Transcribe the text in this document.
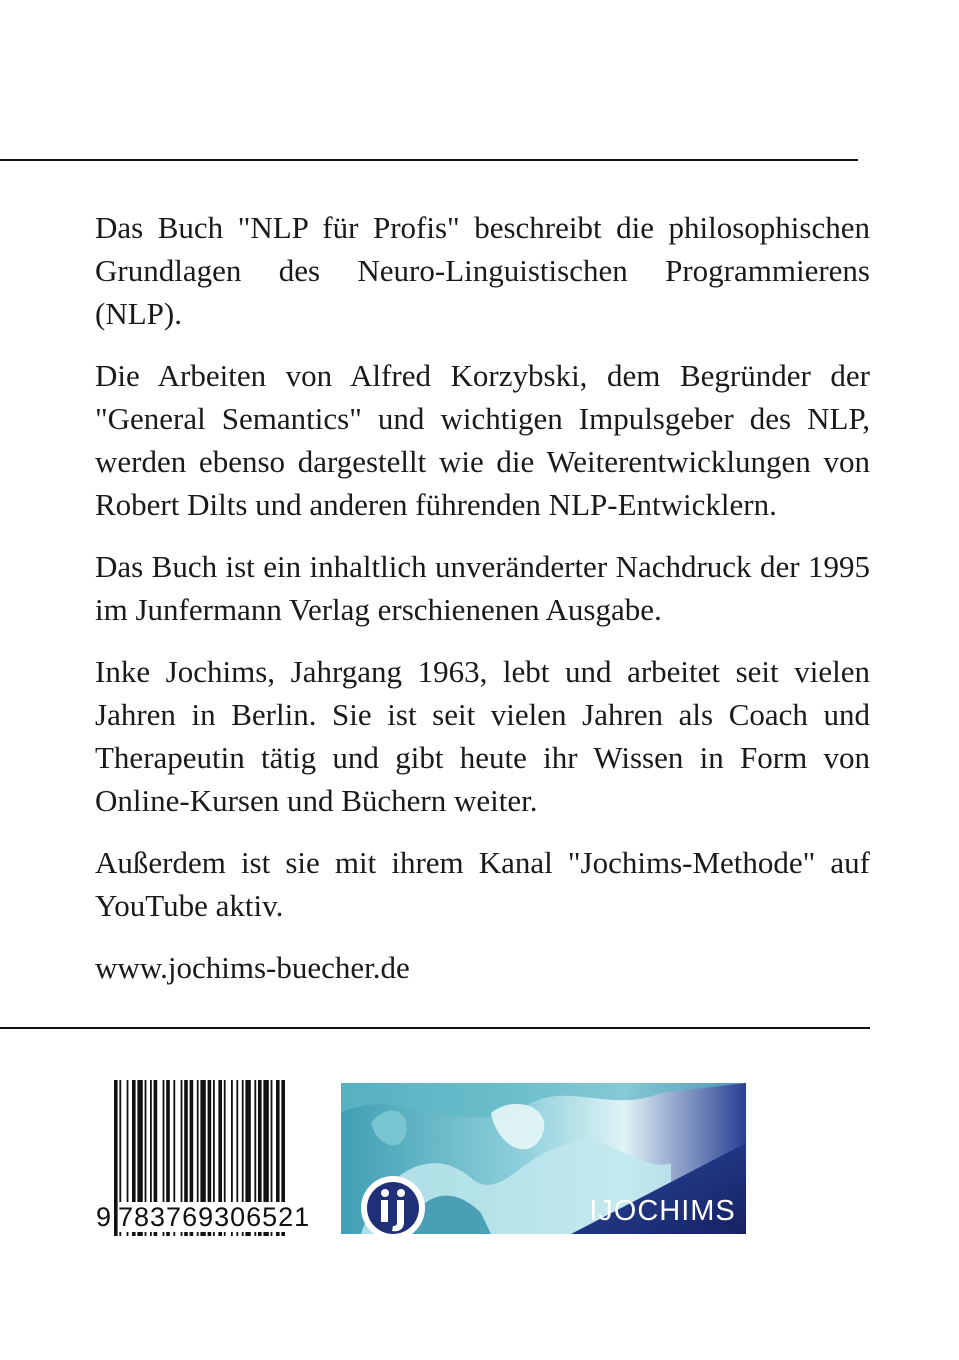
Das Buch "NLP für Profis" beschreibt die philosophischen Grundlagen des Neuro-Linguistischen Programmierens (NLP).

Die Arbeiten von Alfred Korzybski, dem Begründer der "General Semantics" und wichtigen Impulsgeber des NLP, werden ebenso dargestellt wie die Weiterentwicklungen von Robert Dilts und anderen führenden NLP-Entwicklern.

Das Buch ist ein inhaltlich unveränderter Nachdruck der 1995 im Junfermann Verlag erschienenen Ausgabe.

Inke Jochims, Jahrgang 1963, lebt und arbeitet seit vielen Jahren in Berlin. Sie ist seit vielen Jahren als Coach und Therapeutin tätig und gibt heute ihr Wissen in Form von Online-Kursen und Büchern weiter.

Außerdem ist sie mit ihrem Kanal "Jochims-Methode" auf YouTube aktiv.

www.jochims-buecher.de

9 783769306521	IJOCHIMS
